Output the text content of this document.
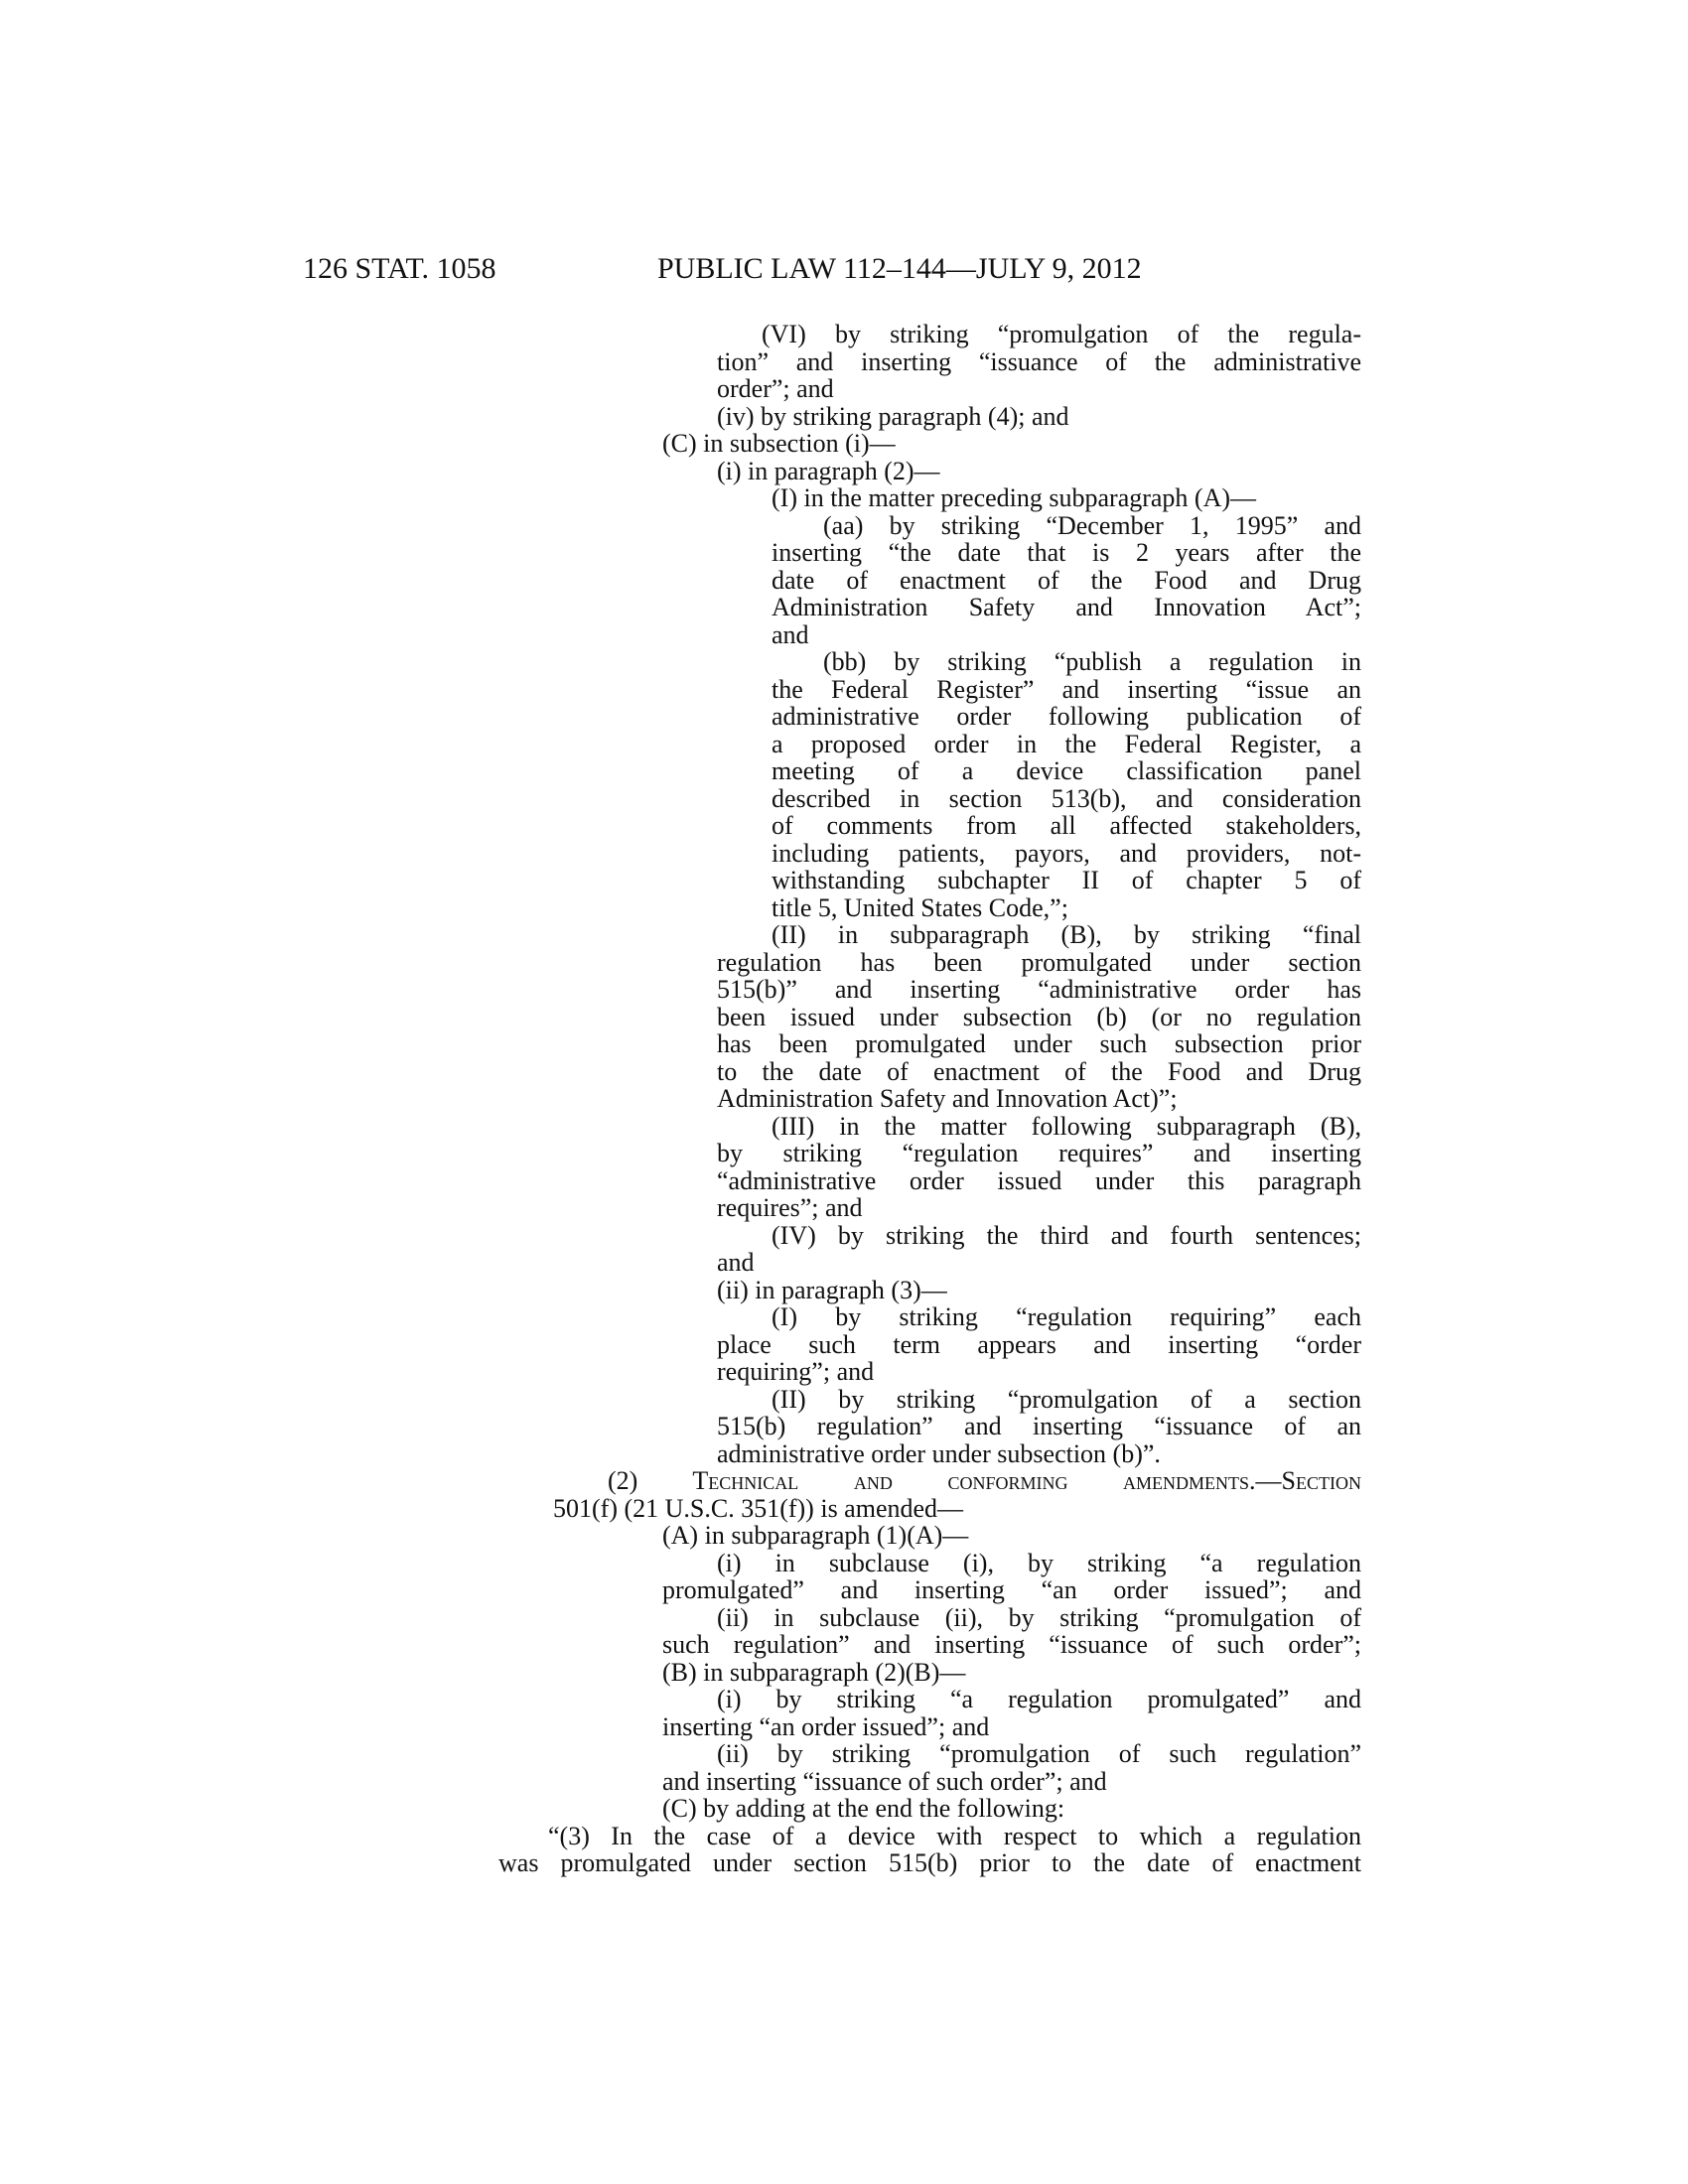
126 STAT. 1058	PUBLIC LAW 112–144—JULY 9, 2012
(VI) by striking “promulgation of the regula-
tion” and inserting “issuance of the administrative
order”; and
(iv) by striking paragraph (4); and
(C) in subsection (i)—
(i) in paragraph (2)—
(I) in the matter preceding subparagraph (A)—
(aa) by striking “December 1, 1995” and
inserting “the date that is 2 years after the
date of enactment of the Food and Drug
Administration Safety and Innovation Act”;
and
(bb) by striking “publish a regulation in
the Federal Register” and inserting “issue an
administrative order following publication of
a proposed order in the Federal Register, a
meeting of a device classification panel
described in section 513(b), and consideration
of comments from all affected stakeholders,
including patients, payors, and providers, not-
withstanding subchapter II of chapter 5 of
title 5, United States Code,”;
(II) in subparagraph (B), by striking “final
regulation has been promulgated under section
515(b)” and inserting “administrative order has
been issued under subsection (b) (or no regulation
has been promulgated under such subsection prior
to the date of enactment of the Food and Drug
Administration Safety and Innovation Act)”;
(III) in the matter following subparagraph (B),
by striking “regulation requires” and inserting
“administrative order issued under this paragraph
requires”; and
(IV) by striking the third and fourth sentences;
and
(ii) in paragraph (3)—
(I) by striking “regulation requiring” each
place such term appears and inserting “order
requiring”; and
(II) by striking “promulgation of a section
515(b) regulation” and inserting “issuance of an
administrative order under subsection (b)”.
(2) Technical and conforming amendments.—Section
501(f) (21 U.S.C. 351(f)) is amended—
(A) in subparagraph (1)(A)—
(i) in subclause (i), by striking “a regulation
promulgated” and inserting “an order issued”; and
(ii) in subclause (ii), by striking “promulgation of
such regulation” and inserting “issuance of such order”;
(B) in subparagraph (2)(B)—
(i) by striking “a regulation promulgated” and
inserting “an order issued”; and
(ii) by striking “promulgation of such regulation”
and inserting “issuance of such order”; and
(C) by adding at the end the following:
“(3) In the case of a device with respect to which a regulation
was promulgated under section 515(b) prior to the date of enactment
